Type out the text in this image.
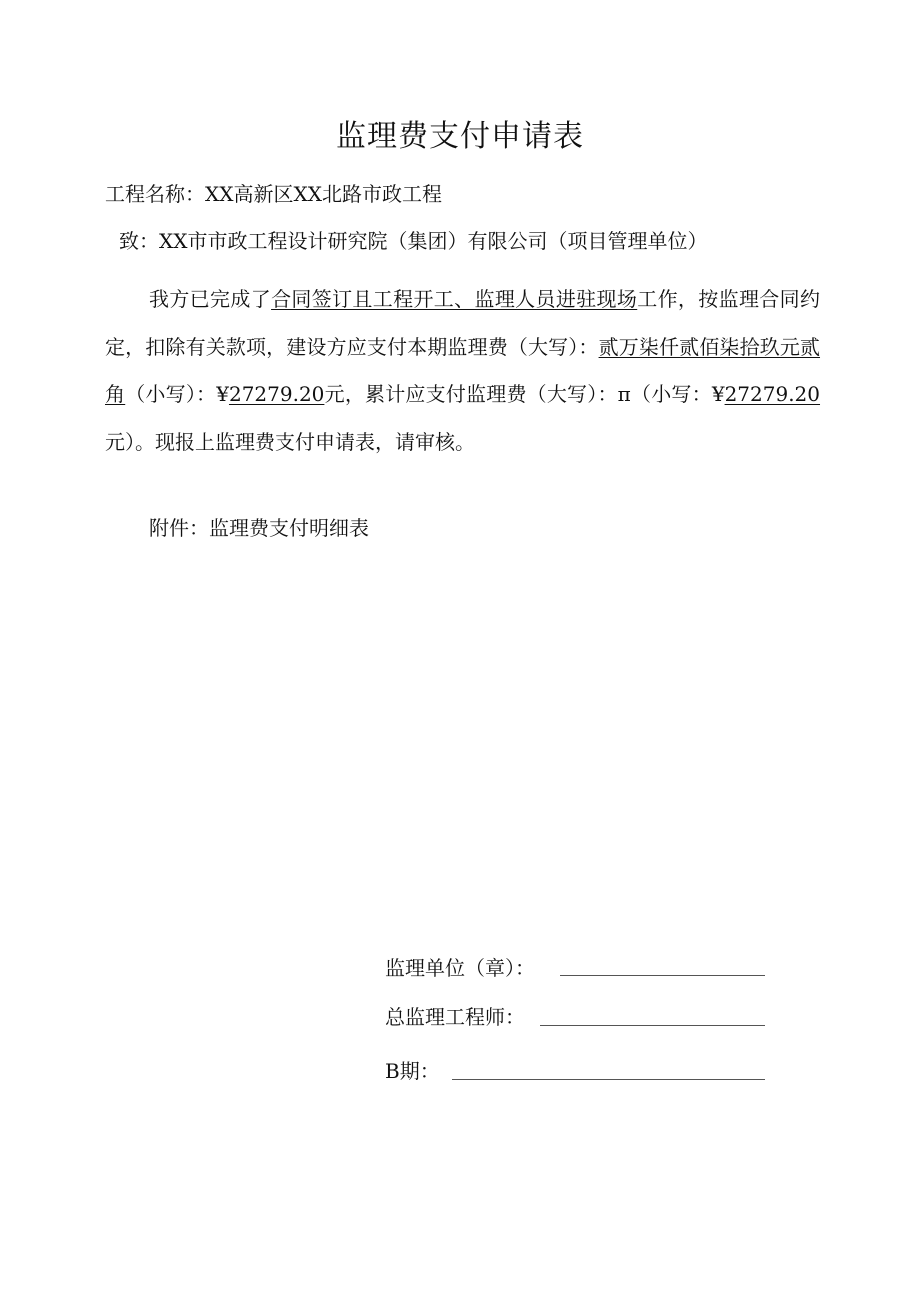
监理费支付申请表
工程名称：XX高新区XX北路市政工程
致：XX市市政工程设计研究院（集团）有限公司（项目管理单位）
我方已完成了合同签订且工程开工、监理人员进驻现场工作，按监理合同约定，扣除有关款项，建设方应支付本期监理费（大写）：贰万柒仟贰佰柒拾玖元贰角（小写）：¥27279.20元，累计应支付监理费（大写）：π（小写：¥27279.20元）。现报上监理费支付申请表，请审核。
附件：监理费支付明细表
监理单位（章）：
总监理工程师：
B期：
